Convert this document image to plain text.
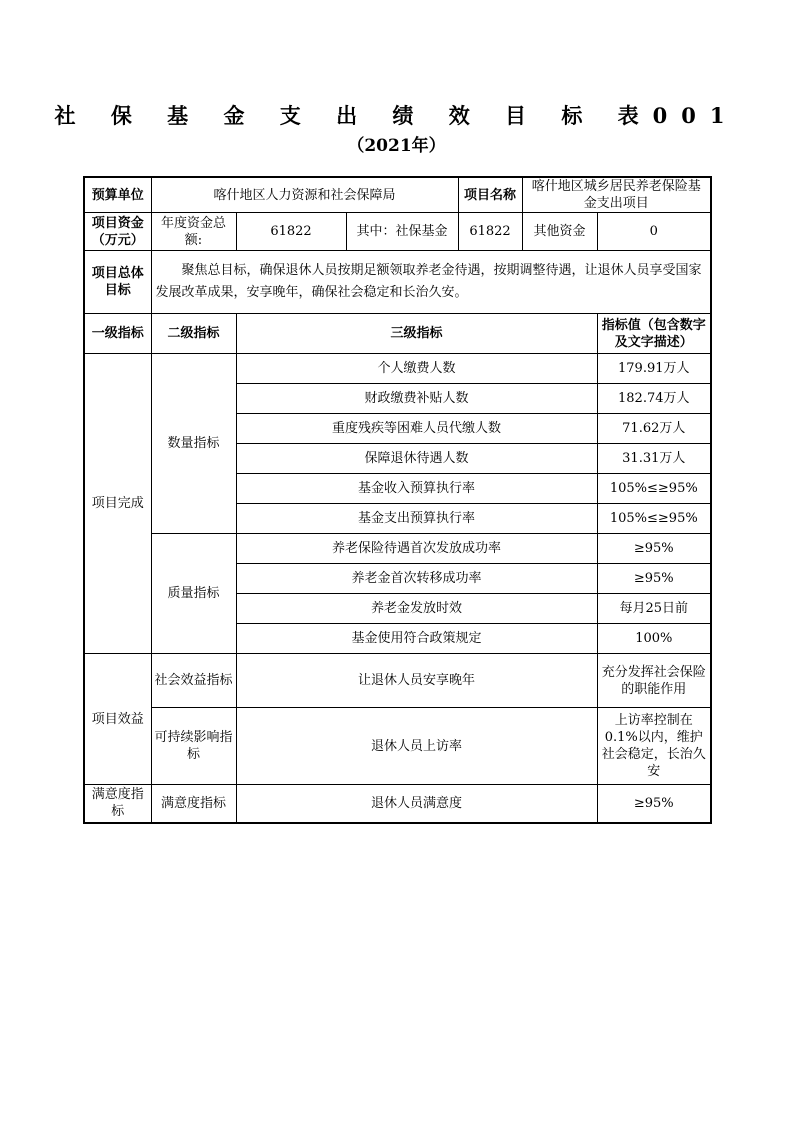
社 保 基 金 支 出 绩 效 目 标 表001
（2021年）
预算单位	喀什地区人力资源和社会保障局			项目名称	喀什地区城乡居民养老保险基金支出项目	
项目资金（万元）	年度资金总额:	61822	其中：社保基金	61822	其他资金	0
项目总体目标	聚焦总目标，确保退休人员按期足额领取养老金待遇，按期调整待遇，让退休人员享受国家发展改革成果，安享晚年，确保社会稳定和长治久安。					
一级指标	二级指标	三级指标				指标值（包含数字及文字描述）
项目完成	数量指标	个人缴费人数				179.91万人
		财政缴费补贴人数				182.74万人
		重度残疾等困难人员代缴人数				71.62万人
		保障退休待遇人数				31.31万人
		基金收入预算执行率				105%≤≥95%
		基金支出预算执行率				105%≤≥95%
	质量指标	养老保险待遇首次发放成功率				≥95%
		养老金首次转移成功率				≥95%
		养老金发放时效				每月25日前
		基金使用符合政策规定				100%
项目效益	社会效益指标	让退休人员安享晚年				充分发挥社会保险的职能作用
	可持续影响指标	退休人员上访率				上访率控制在0.1%以内，维护社会稳定，长治久安
满意度指标	满意度指标	退休人员满意度				≥95%
